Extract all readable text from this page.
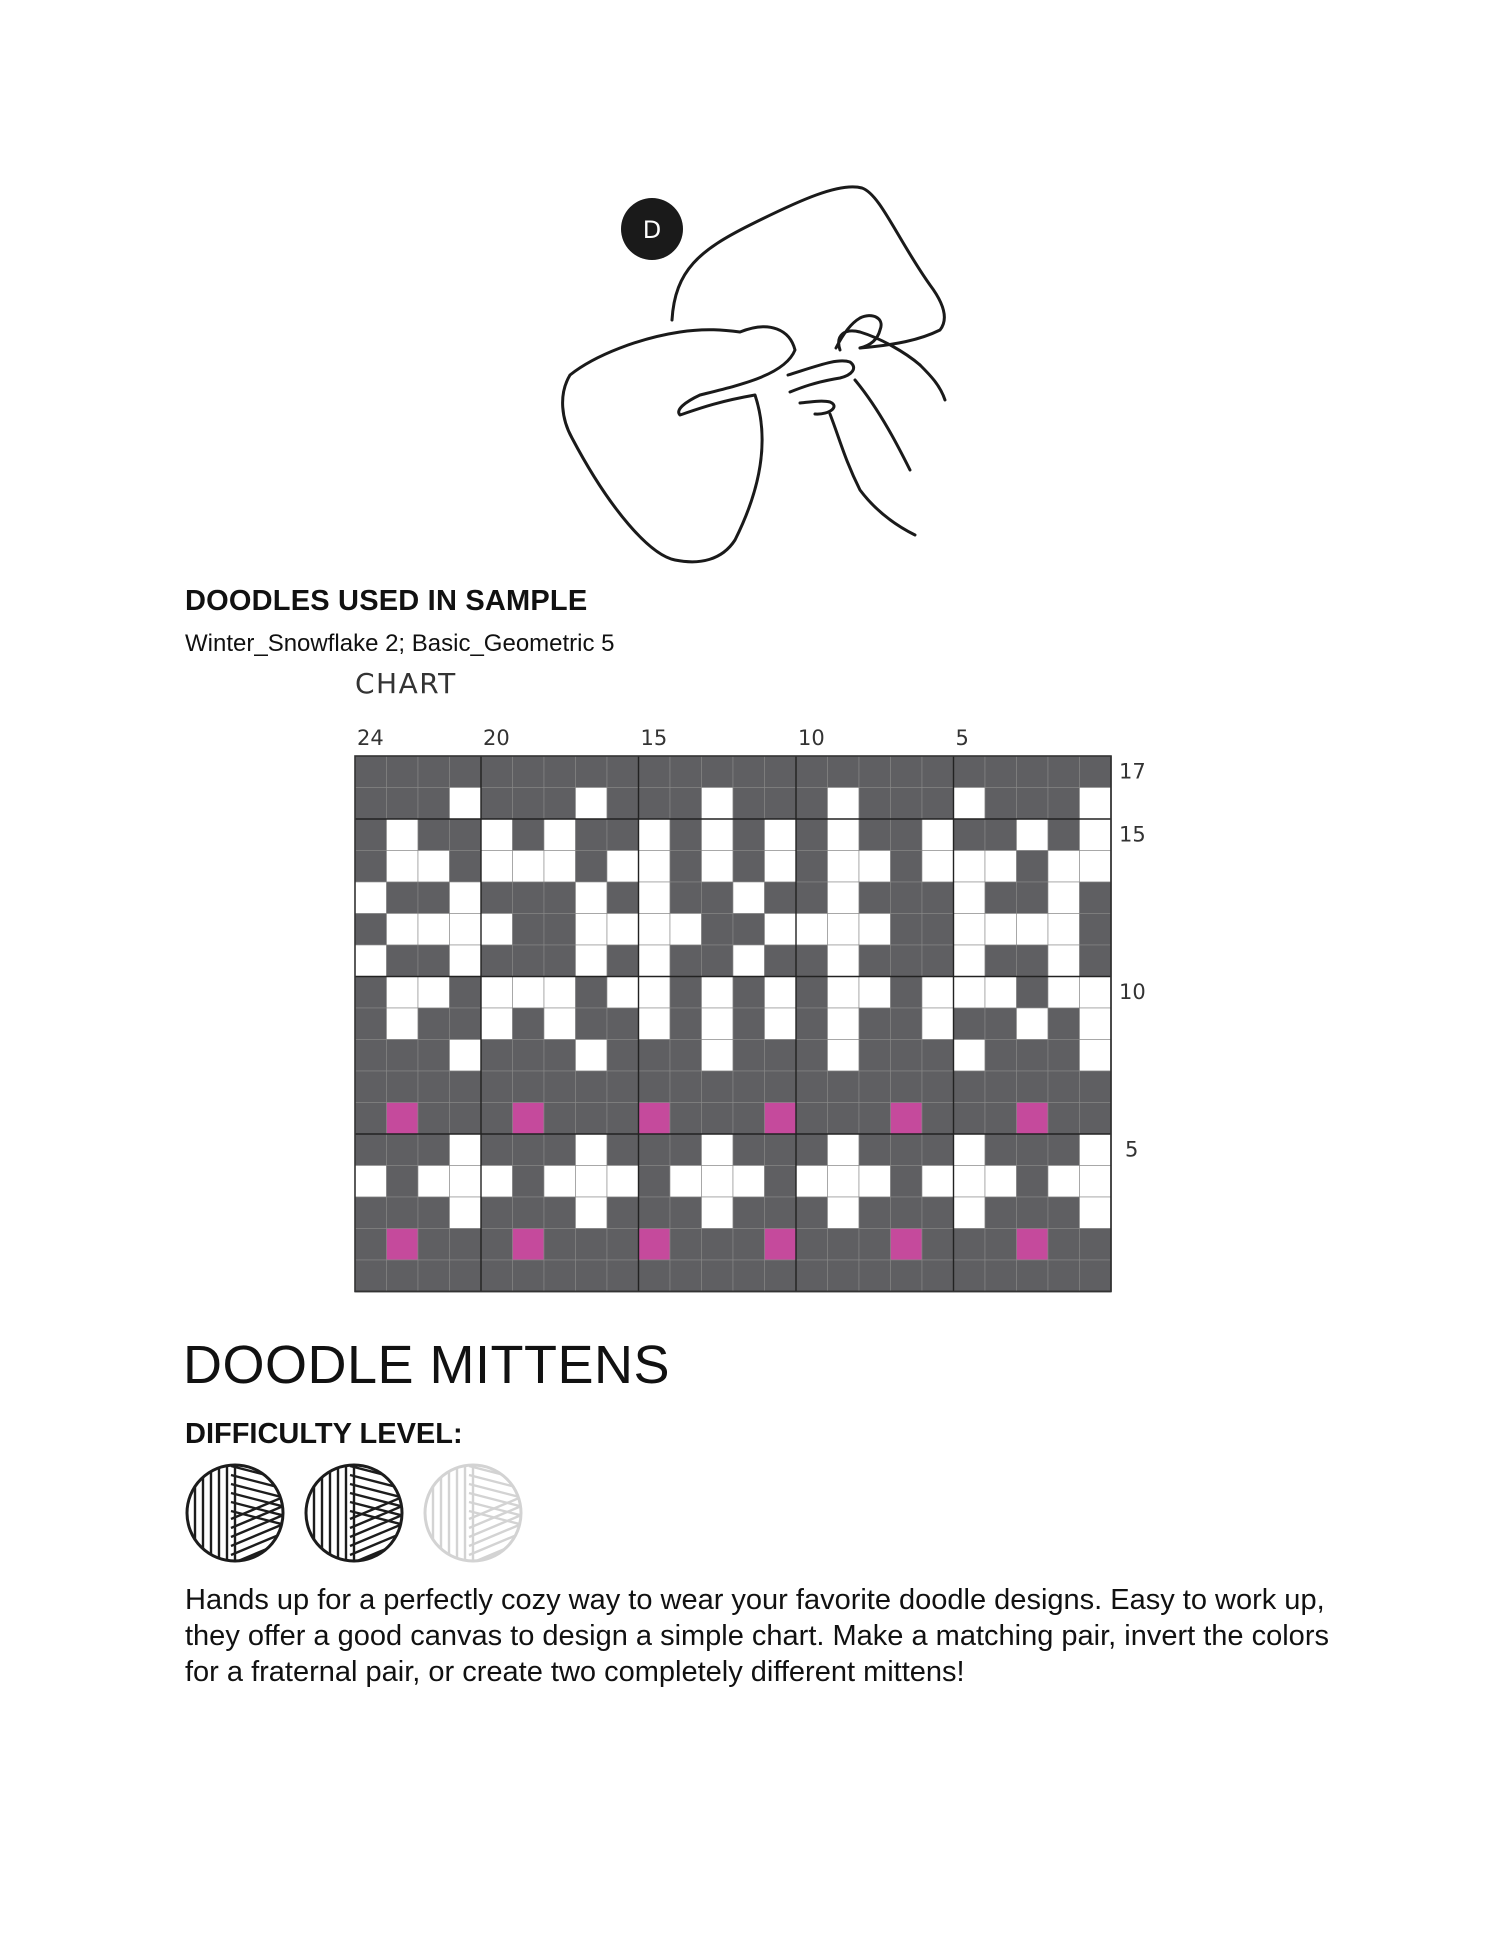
D
DOODLES USED IN SAMPLE

Winter_Snowflake 2; Basic_Geometric 5

CHART

24	20	15	10	5
17
15
10
5
DOODLE MITTENS
DIFFICULTY LEVEL:

Hands up for a perfectly cozy way to wear your favorite doodle designs. Easy to work up, they offer a good canvas to design a simple chart. Make a matching pair, invert the colors for a fraternal pair, or create two completely different mittens!
